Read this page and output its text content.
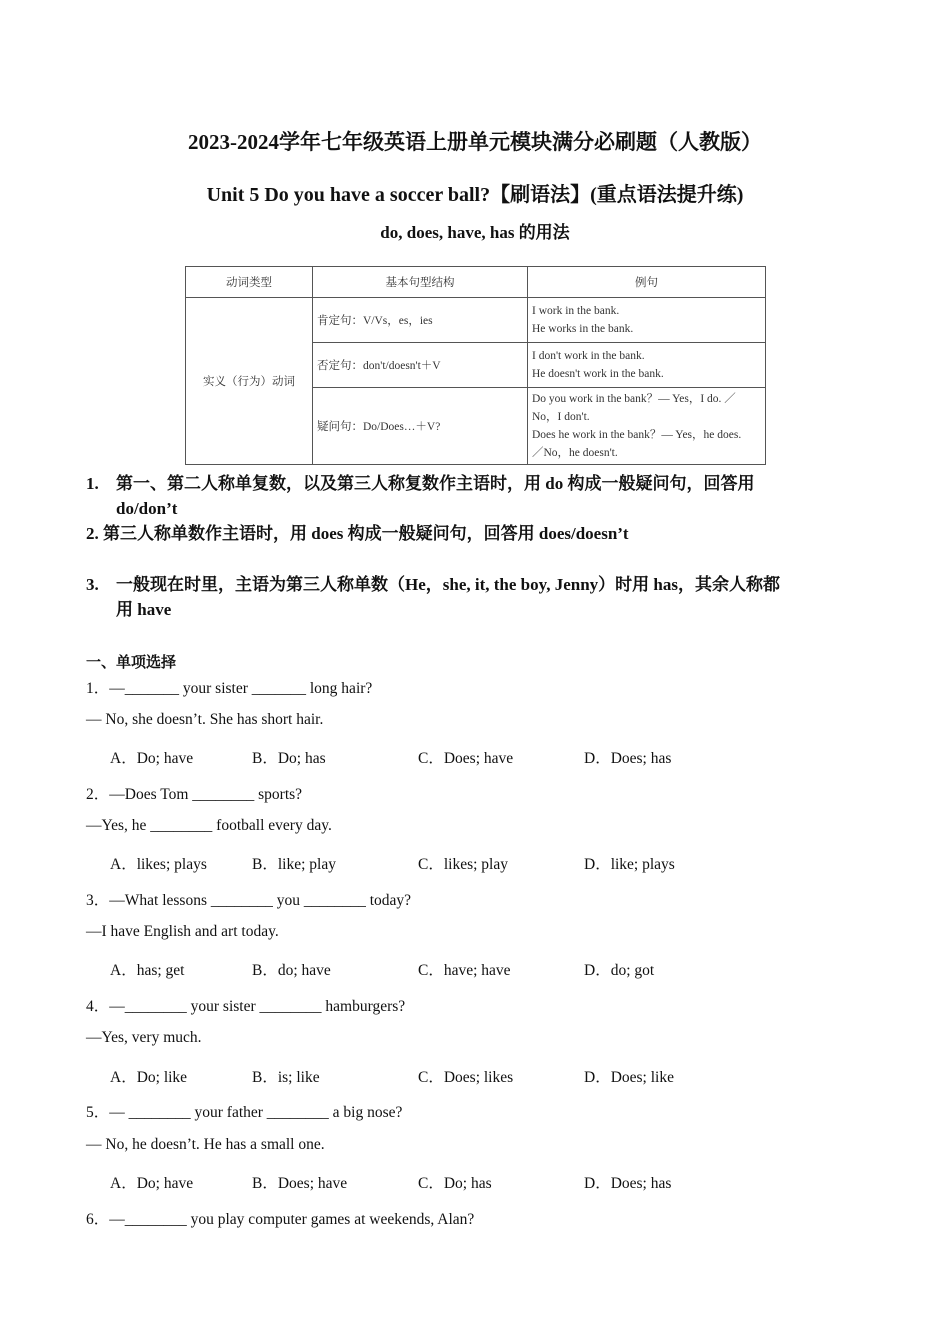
2023-2024学年七年级英语上册单元模块满分必刷题（人教版）
Unit 5 Do you have a soccer ball?【刷语法】(重点语法提升练)
do, does, have, has 的用法
动词类型	基本句型结构	例句
实义（行为）动词	肯定句：V/Vs，es，ies	I work in the bank.
He works in the bank.

	否定句：don't/doesn't＋V	I don't work in the bank.
He doesn't work in the bank.

	疑问句：Do/Does…＋V?	Do you work in the bank？— Yes，I do. ／
No，I don't.
Does he work in the bank？— Yes，he does.
／No，he doesn't.
1. 第一、第二人称单复数，以及第三人称复数作主语时，用 do 构成一般疑问句，回答用
do/don’t
2. 第三人称单数作主语时，用 does 构成一般疑问句，回答用 does/doesn’t
3. 一般现在时里，主语为第三人称单数（He，she, it, the boy, Jenny）时用 has，其余人称都
用 have
一、单项选择
1．—_______ your sister _______ long hair?
— No, she doesn’t. She has short hair.
A．Do; have	B．Do; has	C．Does; have	D．Does; has
2．—Does Tom ________ sports?
—Yes, he ________ football every day.
A．likes; plays	B．like; play	C．likes; play	D．like; plays
3．—What lessons ________ you ________ today?
—I have English and art today.
A．has; get	B．do; have	C．have; have	D．do; got
4．—________ your sister ________ hamburgers?
—Yes, very much.
A．Do; like	B．is; like	C．Does; likes	D．Does; like
5．— ________ your father ________ a big nose?
— No, he doesn’t. He has a small one.
A．Do; have	B．Does; have	C．Do; has	D．Does; has
6．—________ you play computer games at weekends, Alan?
